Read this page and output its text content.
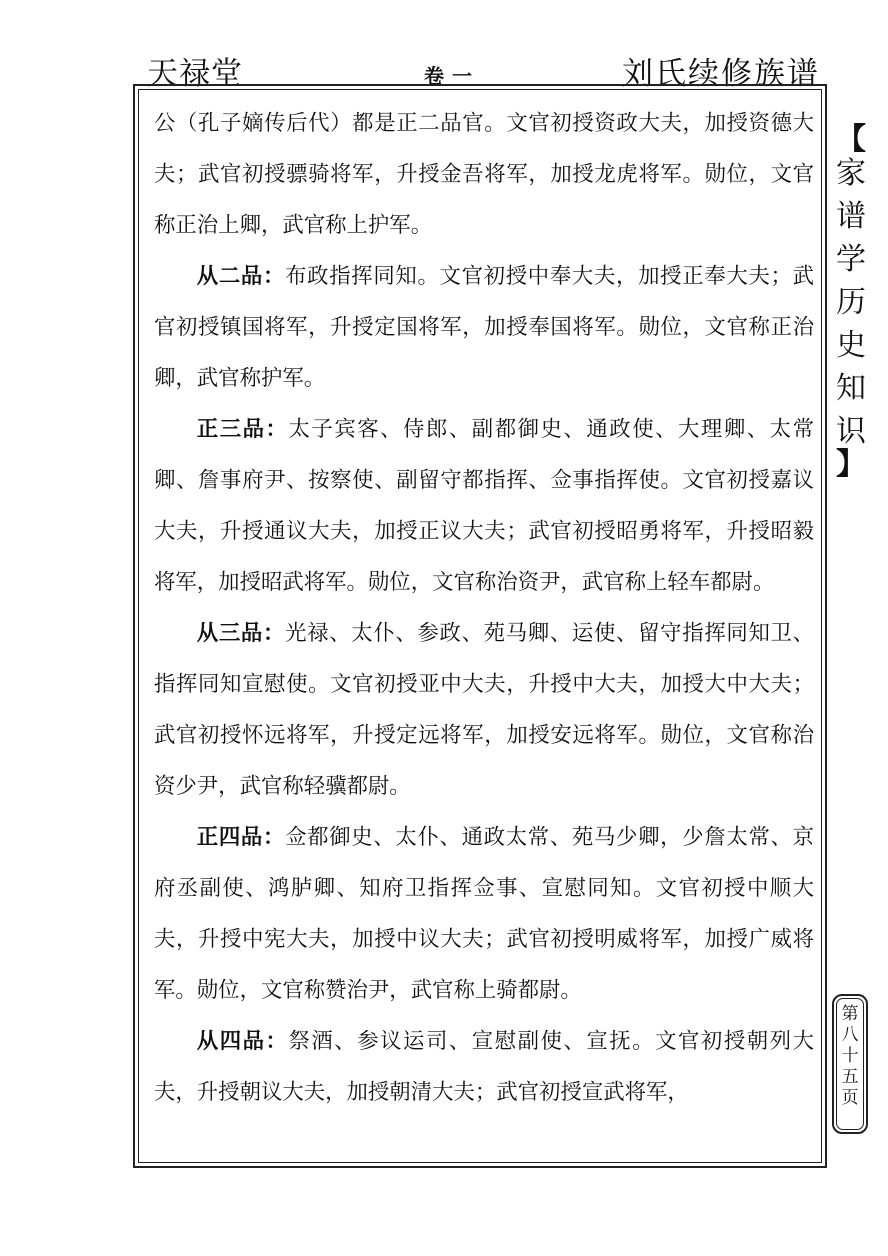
天禄堂	卷一	刘氏续修族谱

公（孔子嫡传后代）都是正二品官。文官初授资政大夫，加授资德大夫；武官初授骠骑将军，升授金吾将军，加授龙虎将军。勋位，文官称正治上卿，武官称上护军。

从二品：布政指挥同知。文官初授中奉大夫，加授正奉大夫；武官初授镇国将军，升授定国将军，加授奉国将军。勋位，文官称正治卿，武官称护军。

正三品：太子宾客、侍郎、副都御史、通政使、大理卿、太常卿、詹事府尹、按察使、副留守都指挥、佥事指挥使。文官初授嘉议大夫，升授通议大夫，加授正议大夫；武官初授昭勇将军，升授昭毅将军，加授昭武将军。勋位，文官称治资尹，武官称上轻车都尉。

从三品：光禄、太仆、参政、苑马卿、运使、留守指挥同知卫、指挥同知宣慰使。文官初授亚中大夫，升授中大夫，加授大中大夫；武官初授怀远将军，升授定远将军，加授安远将军。勋位，文官称治资少尹，武官称轻骥都尉。

正四品：佥都御史、太仆、通政太常、苑马少卿，少詹太常、京府丞副使、鸿胪卿、知府卫指挥佥事、宣慰同知。文官初授中顺大夫，升授中宪大夫，加授中议大夫；武官初授明威将军，加授广威将军。勋位，文官称赞治尹，武官称上骑都尉。

从四品：祭酒、参议运司、宣慰副使、宣抚。文官初授朝列大夫，升授朝议大夫，加授朝清大夫；武官初授宣武将军，

【
家
谱
学
历
史
知
识
】
第
八
十
五
页
